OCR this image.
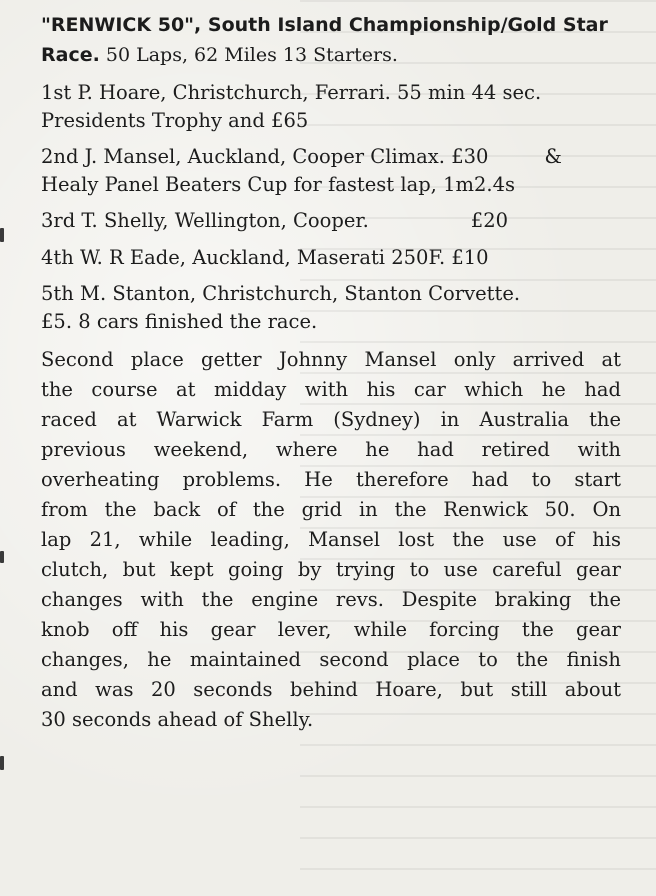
"RENWICK 50", South Island Championship/Gold Star Race. 50 Laps, 62 Miles 13 Starters.
1st P. Hoare, Christchurch, Ferrari. 55 min 44 sec.
Presidents Trophy and £65
2nd J. Mansel, Auckland, Cooper Climax. £30	&
Healy Panel Beaters Cup for fastest lap, 1m2.4s
3rd T. Shelly, Wellington, Cooper.	£20
4th W. R Eade, Auckland, Maserati 250F. £10
5th M. Stanton, Christchurch, Stanton Corvette.
£5. 8 cars finished the race.
Second place getter Johnny Mansel only arrived at
the course at midday with his car which he had
raced at Warwick Farm (Sydney) in Australia the
previous weekend, where he had retired with
overheating problems. He therefore had to start
from the back of the grid in the Renwick 50. On
lap 21, while leading, Mansel lost the use of his
clutch, but kept going by trying to use careful gear
changes with the engine revs. Despite braking the
knob off his gear lever, while forcing the gear
changes, he maintained second place to the finish
and was 20 seconds behind Hoare, but still about
30 seconds ahead of Shelly.
